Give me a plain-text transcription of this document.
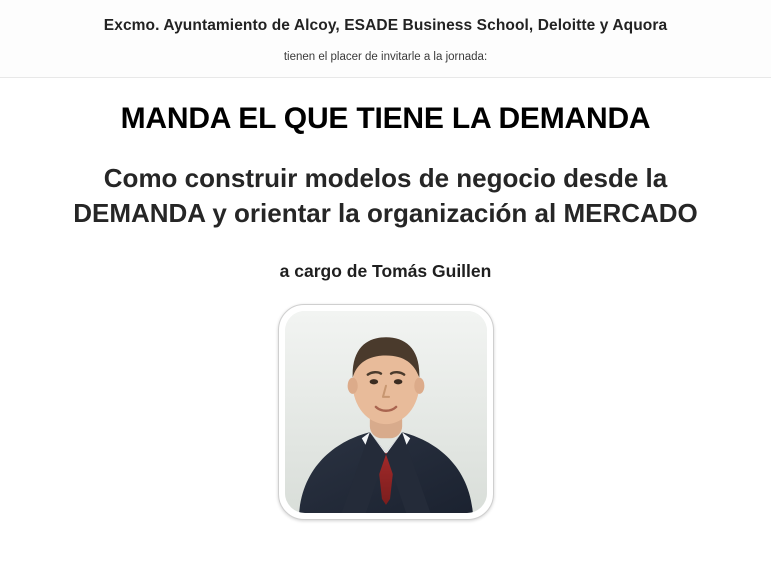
Excmo. Ayuntamiento de Alcoy, ESADE Business School, Deloitte y Aquora
tienen el placer de invitarle a la jornada:
MANDA EL QUE TIENE LA DEMANDA
Como construir modelos de negocio desde la
DEMANDA y orientar la organización al MERCADO
a cargo de Tomás Guillen
